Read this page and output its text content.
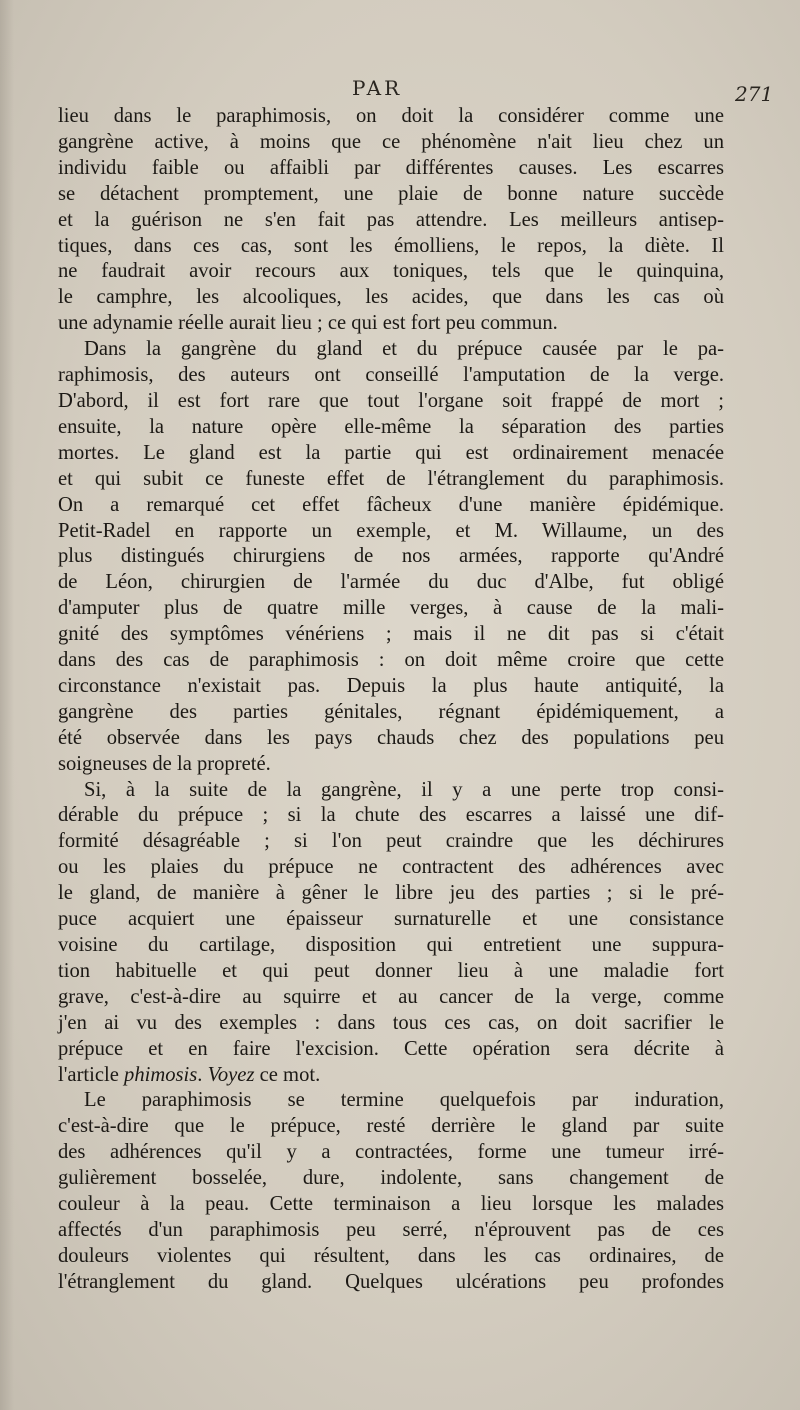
PAR	271

lieu dans le paraphimosis, on doit la considérer comme une
gangrène active, à moins que ce phénomène n'ait lieu chez un
individu faible ou affaibli par différentes causes. Les escarres
se détachent promptement, une plaie de bonne nature succède
et la guérison ne s'en fait pas attendre. Les meilleurs antisep-
tiques, dans ces cas, sont les émolliens, le repos, la diète. Il
ne faudrait avoir recours aux toniques, tels que le quinquina,
le camphre, les alcooliques, les acides, que dans les cas où
une adynamie réelle aurait lieu ; ce qui est fort peu commun.

Dans la gangrène du gland et du prépuce causée par le pa-
raphimosis, des auteurs ont conseillé l'amputation de la verge.
D'abord, il est fort rare que tout l'organe soit frappé de mort ;
ensuite, la nature opère elle-même la séparation des parties
mortes. Le gland est la partie qui est ordinairement menacée
et qui subit ce funeste effet de l'étranglement du paraphimosis.
On a remarqué cet effet fâcheux d'une manière épidémique.
Petit-Radel en rapporte un exemple, et M. Willaume, un des
plus distingués chirurgiens de nos armées, rapporte qu'André
de Léon, chirurgien de l'armée du duc d'Albe, fut obligé
d'amputer plus de quatre mille verges, à cause de la mali-
gnité des symptômes vénériens ; mais il ne dit pas si c'était
dans des cas de paraphimosis : on doit même croire que cette
circonstance n'existait pas. Depuis la plus haute antiquité, la
gangrène des parties génitales, régnant épidémiquement, a
été observée dans les pays chauds chez des populations peu
soigneuses de la propreté.

Si, à la suite de la gangrène, il y a une perte trop consi-
dérable du prépuce ; si la chute des escarres a laissé une dif-
formité désagréable ; si l'on peut craindre que les déchirures
ou les plaies du prépuce ne contractent des adhérences avec
le gland, de manière à gêner le libre jeu des parties ; si le pré-
puce acquiert une épaisseur surnaturelle et une consistance
voisine du cartilage, disposition qui entretient une suppura-
tion habituelle et qui peut donner lieu à une maladie fort
grave, c'est-à-dire au squirre et au cancer de la verge, comme
j'en ai vu des exemples : dans tous ces cas, on doit sacrifier le
prépuce et en faire l'excision. Cette opération sera décrite à
l'article phimosis. Voyez ce mot.

Le paraphimosis se termine quelquefois par induration,
c'est-à-dire que le prépuce, resté derrière le gland par suite
des adhérences qu'il y a contractées, forme une tumeur irré-
gulièrement bosselée, dure, indolente, sans changement de
couleur à la peau. Cette terminaison a lieu lorsque les malades
affectés d'un paraphimosis peu serré, n'éprouvent pas de ces
douleurs violentes qui résultent, dans les cas ordinaires, de
l'étranglement du gland. Quelques ulcérations peu profondes
